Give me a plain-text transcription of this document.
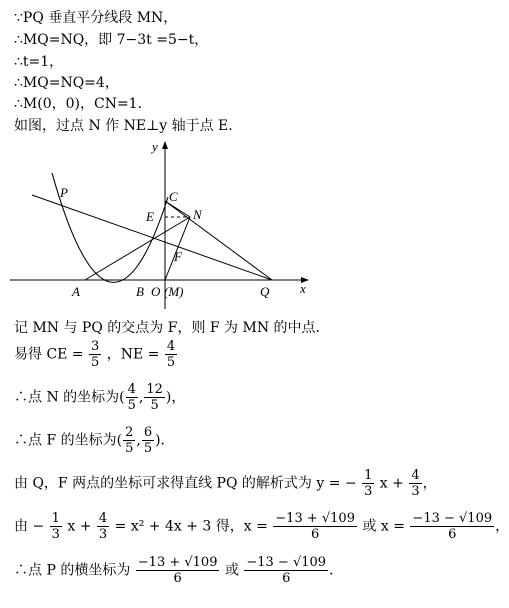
∵PQ 垂直平分线段 MN，
∴MQ=NQ，即 7−3t =5−t，
∴t=1，
∴MQ=NQ=4，
∴M(0，0)，CN=1．
如图，过点 N 作 NE⊥y 轴于点 E．
y
x
P	C
E	N
F
A	B O (M)	Q
记 MN 与 PQ 的交点为 F，则 F 为 MN 的中点．
易得 CE = $\frac{3}{5}$ ，NE = $\frac{4}{5}$
∴点 N 的坐标为( $\frac{4}{5}$ , $\frac{12}{5}$ )，
∴点 F 的坐标为( $\frac{2}{5}$ , $\frac{6}{5}$ )．
由 Q，F 两点的坐标可求得直线 PQ 的解析式为 y = − $\frac{1}{3}$ $x + \frac{4}{3}$ ，
由 − $\frac{1}{3}$ $x + \frac{4}{3} = x^2 + 4x + 3$ 得，$x = \frac{-13 + √109}{6}$ 或 $x = \frac{-13 - √109}{6}$ ，
∴点 P 的横坐标为 $\frac{-13 + √109}{6}$ 或 $\frac{-13 - √109}{6}$ ．
